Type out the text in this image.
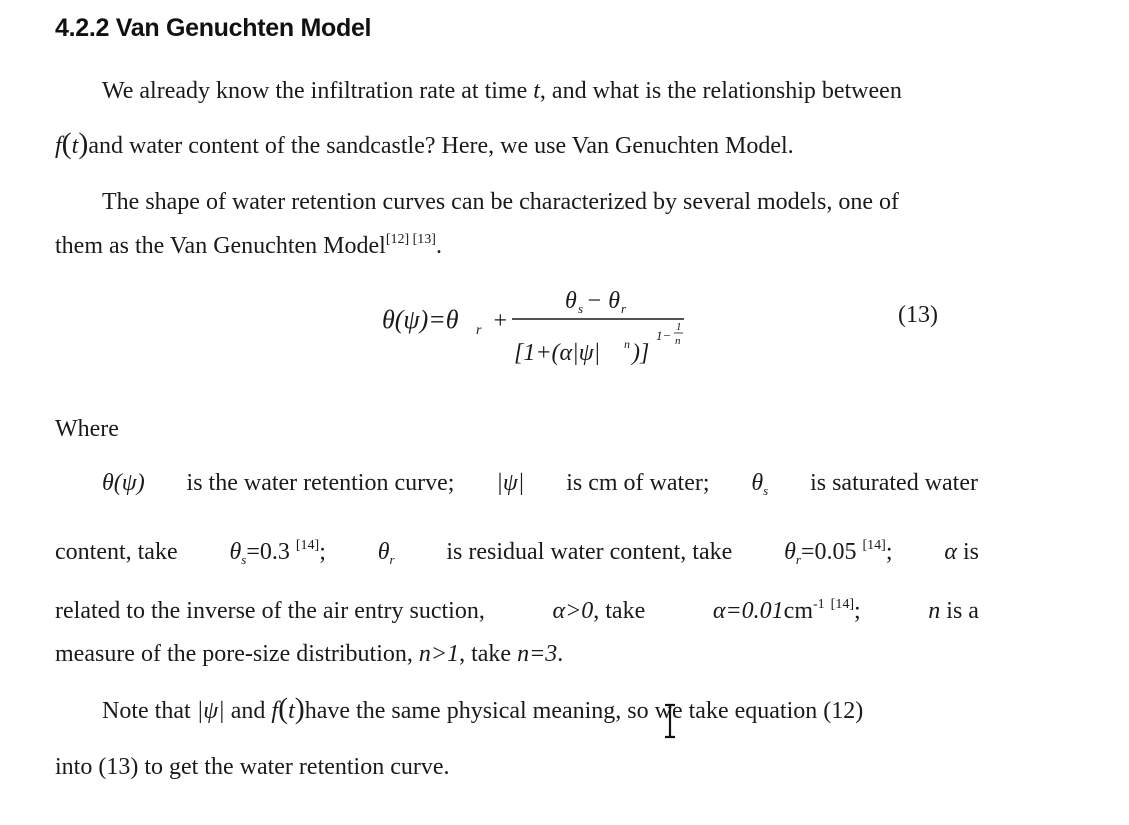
4.2.2 Van Genuchten Model
We already know the infiltration rate at time t, and what is the relationship between
f(t)and water content of the sandcastle? Here, we use Van Genuchten Model.
The shape of water retention curves can be characterized by several models, one of
them as the Van Genuchten Model[12] [13].
θ(ψ)=θ r +
θ s − θ r
[1+(α|ψ| n )]
1−
1
n
(13)
Where
θ(ψ) is the water retention curve; |ψ| is cm of water; $\theta_s$ is saturated water
content, take $\theta_s=0.3$ [14]; $\theta_r$ is residual water content, take $\theta_r=0.05$ [14]; α is
related to the inverse of the air entry suction,	α>0, take	$\alpha=0.01cm^{-1}$ [14];	n is a
measure of the pore-size distribution, n>1, take n=3.
Note that |ψ| and f(t)have the same physical meaning, so we take equation (12)
into (13) to get the water retention curve.
